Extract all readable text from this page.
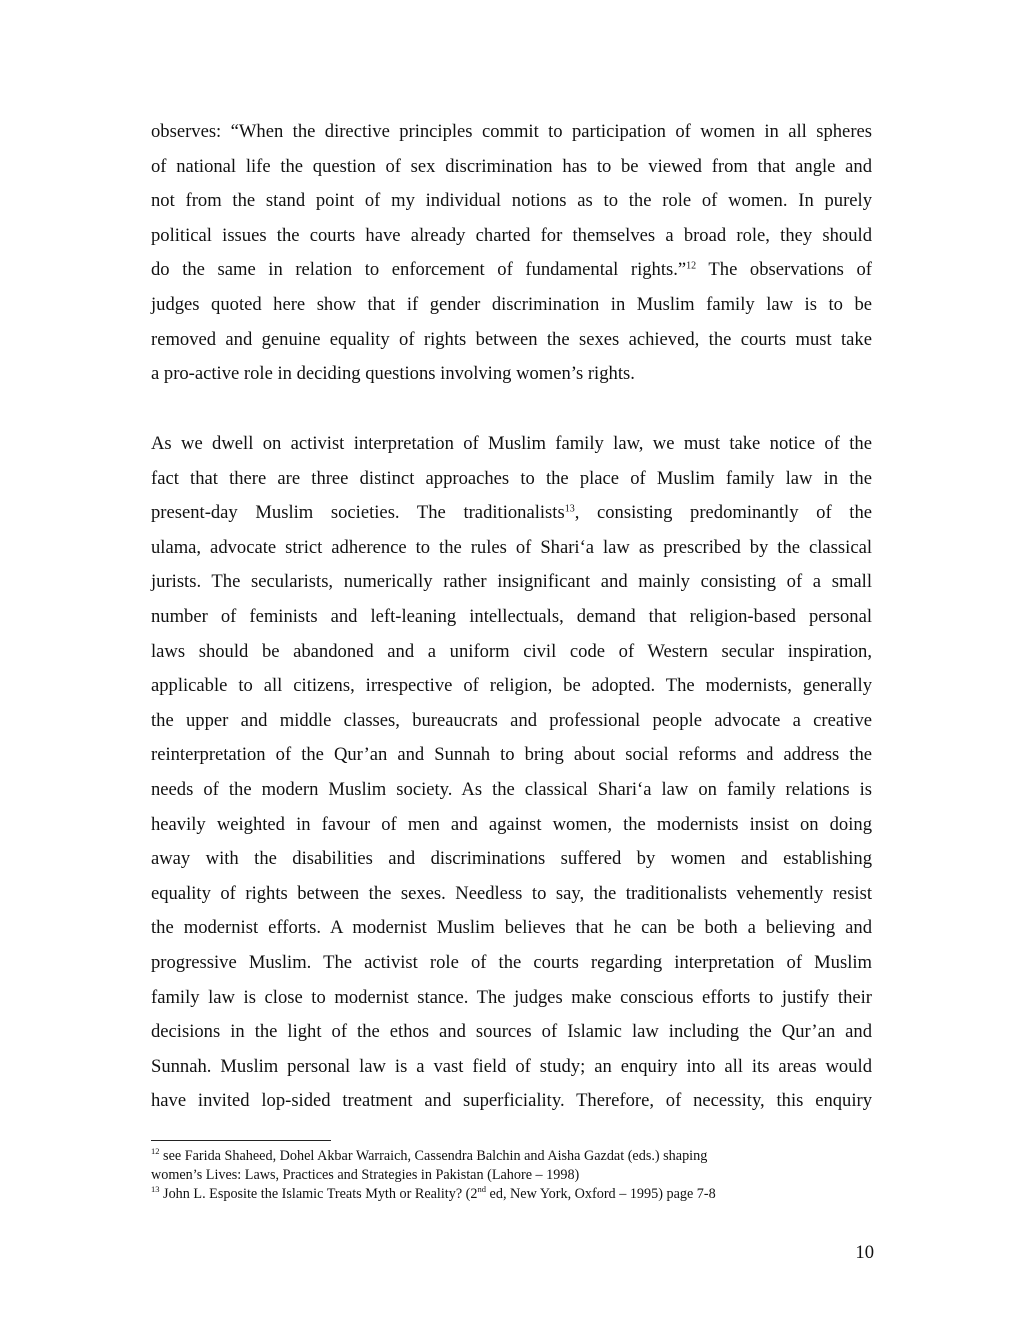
observes: “When the directive principles commit to participation of women in all spheres
of national life the question of sex discrimination has to be viewed from that angle and
not from the stand point of my individual notions as to the role of women. In purely
political issues the courts have already charted for themselves a broad role, they should
do the same in relation to enforcement of fundamental rights.”$^{12}$ The observations of
judges quoted here show that if gender discrimination in Muslim family law is to be
removed and genuine equality of rights between the sexes achieved, the courts must take
a pro-active role in deciding questions involving women’s rights.

As we dwell on activist interpretation of Muslim family law, we must take notice of the
fact that there are three distinct approaches to the place of Muslim family law in the
present-day Muslim societies. The traditionalists$^{13}$, consisting predominantly of the
ulama, advocate strict adherence to the rules of Shari‘a law as prescribed by the classical
jurists. The secularists, numerically rather insignificant and mainly consisting of a small
number of feminists and left-leaning intellectuals, demand that religion-based personal
laws should be abandoned and a uniform civil code of Western secular inspiration,
applicable to all citizens, irrespective of religion, be adopted. The modernists, generally
the upper and middle classes, bureaucrats and professional people advocate a creative
reinterpretation of the Qur’an and Sunnah to bring about social reforms and address the
needs of the modern Muslim society. As the classical Shari‘a law on family relations is
heavily weighted in favour of men and against women, the modernists insist on doing
away with the disabilities and discriminations suffered by women and establishing
equality of rights between the sexes. Needless to say, the traditionalists vehemently resist
the modernist efforts. A modernist Muslim believes that he can be both a believing and
progressive Muslim. The activist role of the courts regarding interpretation of Muslim
family law is close to modernist stance. The judges make conscious efforts to justify their
decisions in the light of the ethos and sources of Islamic law including the Qur’an and
Sunnah. Muslim personal law is a vast field of study; an enquiry into all its areas would
have invited lop-sided treatment and superficiality. Therefore, of necessity, this enquiry

$^{12}$ see Farida Shaheed, Dohel Akbar Warraich, Cassendra Balchin and Aisha Gazdat (eds.) shaping
women’s Lives: Laws, Practices and Strategies in Pakistan (Lahore – 1998)
$^{13}$ John L. Esposite the Islamic Treats Myth or Reality? (2nd ed, New York, Oxford – 1995) page 7-8
10
